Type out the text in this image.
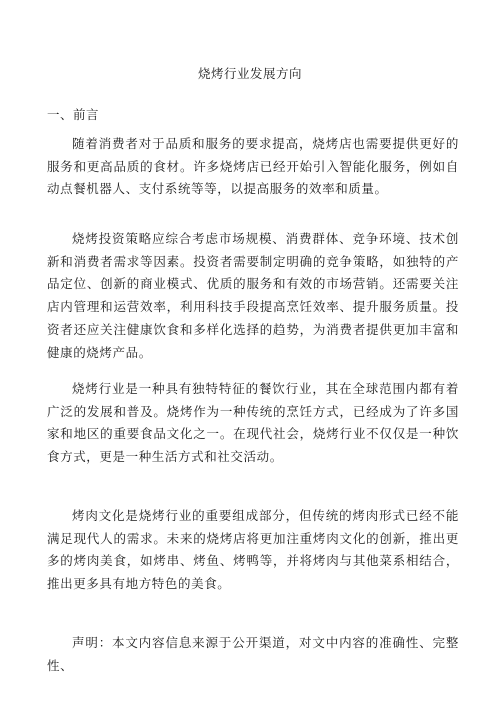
烧烤行业发展方向
一、前言

随着消费者对于品质和服务的要求提高，烧烤店也需要提供更好的服务和更高品质的食材。许多烧烤店已经开始引入智能化服务，例如自动点餐机器人、支付系统等等，以提高服务的效率和质量。

烧烤投资策略应综合考虑市场规模、消费群体、竞争环境、技术创新和消费者需求等因素。投资者需要制定明确的竞争策略，如独特的产品定位、创新的商业模式、优质的服务和有效的市场营销。还需要关注店内管理和运营效率，利用科技手段提高烹饪效率、提升服务质量。投资者还应关注健康饮食和多样化选择的趋势，为消费者提供更加丰富和健康的烧烤产品。

烧烤行业是一种具有独特特征的餐饮行业，其在全球范围内都有着广泛的发展和普及。烧烤作为一种传统的烹饪方式，已经成为了许多国家和地区的重要食品文化之一。在现代社会，烧烤行业不仅仅是一种饮食方式，更是一种生活方式和社交活动。

烤肉文化是烧烤行业的重要组成部分，但传统的烤肉形式已经不能满足现代人的需求。未来的烧烤店将更加注重烤肉文化的创新，推出更多的烤肉美食，如烤串、烤鱼、烤鸭等，并将烤肉与其他菜系相结合，推出更多具有地方特色的美食。

声明：本文内容信息来源于公开渠道，对文中内容的准确性、完整性、
